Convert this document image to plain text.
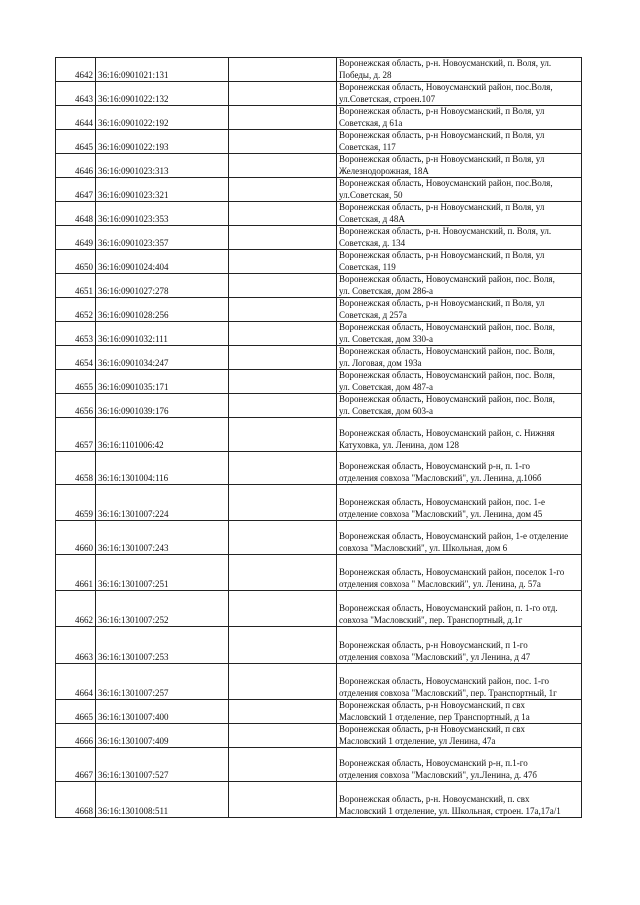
4642	36:16:0901021:131		Воронежская область, р-н. Новоусманский, п. Воля, ул.
Победы, д. 28

4643	36:16:0901022:132		Воронежская область, Новоусманский район, пос.Воля,
ул.Советская, строен.107

4644	36:16:0901022:192		Воронежская область, р-н Новоусманский, п Воля, ул
Советская, д 61а

4645	36:16:0901022:193		Воронежская область, р-н Новоусманский, п Воля, ул
Советская, 117

4646	36:16:0901023:313		Воронежская область, р-н Новоусманский, п Воля, ул
Железнодорожная, 18А

4647	36:16:0901023:321		Воронежская область, Новоусманский район, пос.Воля,
ул.Советская, 50

4648	36:16:0901023:353		Воронежская область, р-н Новоусманский, п Воля, ул
Советская, д 48А

4649	36:16:0901023:357		Воронежская область, р-н. Новоусманский, п. Воля, ул.
Советская, д. 134

4650	36:16:0901024:404		Воронежская область, р-н Новоусманский, п Воля, ул
Советская, 119

4651	36:16:0901027:278		Воронежская область, Новоусманский район, пос. Воля,
ул. Советская, дом 286-а

4652	36:16:0901028:256		Воронежская область, р-н Новоусманский, п Воля, ул
Советская, д 257а

4653	36:16:0901032:111		Воронежская область, Новоусманский район, пос. Воля,
ул. Советская, дом 330-а

4654	36:16:0901034:247		Воронежская область, Новоусманский район, пос. Воля,
ул. Логовая, дом 193а

4655	36:16:0901035:171		Воронежская область, Новоусманский район, пос. Воля,
ул. Советская, дом 487-а

4656	36:16:0901039:176		Воронежская область, Новоусманский район, пос. Воля,
ул. Советская, дом 603-а

4657	36:16:1101006:42		Воронежская область, Новоусманский район, с. Нижняя
Катуховка, ул. Ленина, дом 128

4658	36:16:1301004:116		Воронежская область, Новоусманский р-н, п. 1-го
отделения совхоза "Масловский", ул. Ленина, д.106б

4659	36:16:1301007:224		Воронежская область, Новоусманский район, пос. 1-е
отделение совхоза "Масловский", ул. Ленина, дом 45

4660	36:16:1301007:243		Воронежская область, Новоусманский район, 1-е отделение
совхоза "Масловский", ул. Школьная, дом 6

4661	36:16:1301007:251		Воронежская область, Новоусманский район, поселок 1-го
отделения совхоза " Масловский", ул. Ленина, д. 57а

4662	36:16:1301007:252		Воронежская область, Новоусманский район, п. 1-го отд.
совхоза "Масловский", пер. Транспортный, д.1г

4663	36:16:1301007:253		Воронежская область, р-н Новоусманский, п 1-го
отделения совхоза "Масловский", ул Ленина, д 47

4664	36:16:1301007:257		Воронежская область, Новоусманский район, пос. 1-го
отделения совхоза "Масловский", пер. Транспортный, 1г

4665	36:16:1301007:400		Воронежская область, р-н Новоусманский, п свх
Масловский 1 отделение, пер Транспортный, д 1а

4666	36:16:1301007:409		Воронежская область, р-н Новоусманский, п свх
Масловский 1 отделение, ул Ленина, 47а

4667	36:16:1301007:527		Воронежская область, Новоусманский р-н, п.1-го
отделения совхоза "Масловский", ул.Ленина, д. 47б

4668	36:16:1301008:511		Воронежская область, р-н. Новоусманский, п. свх
Масловский 1 отделение, ул. Школьная, строен. 17а,17а/1
